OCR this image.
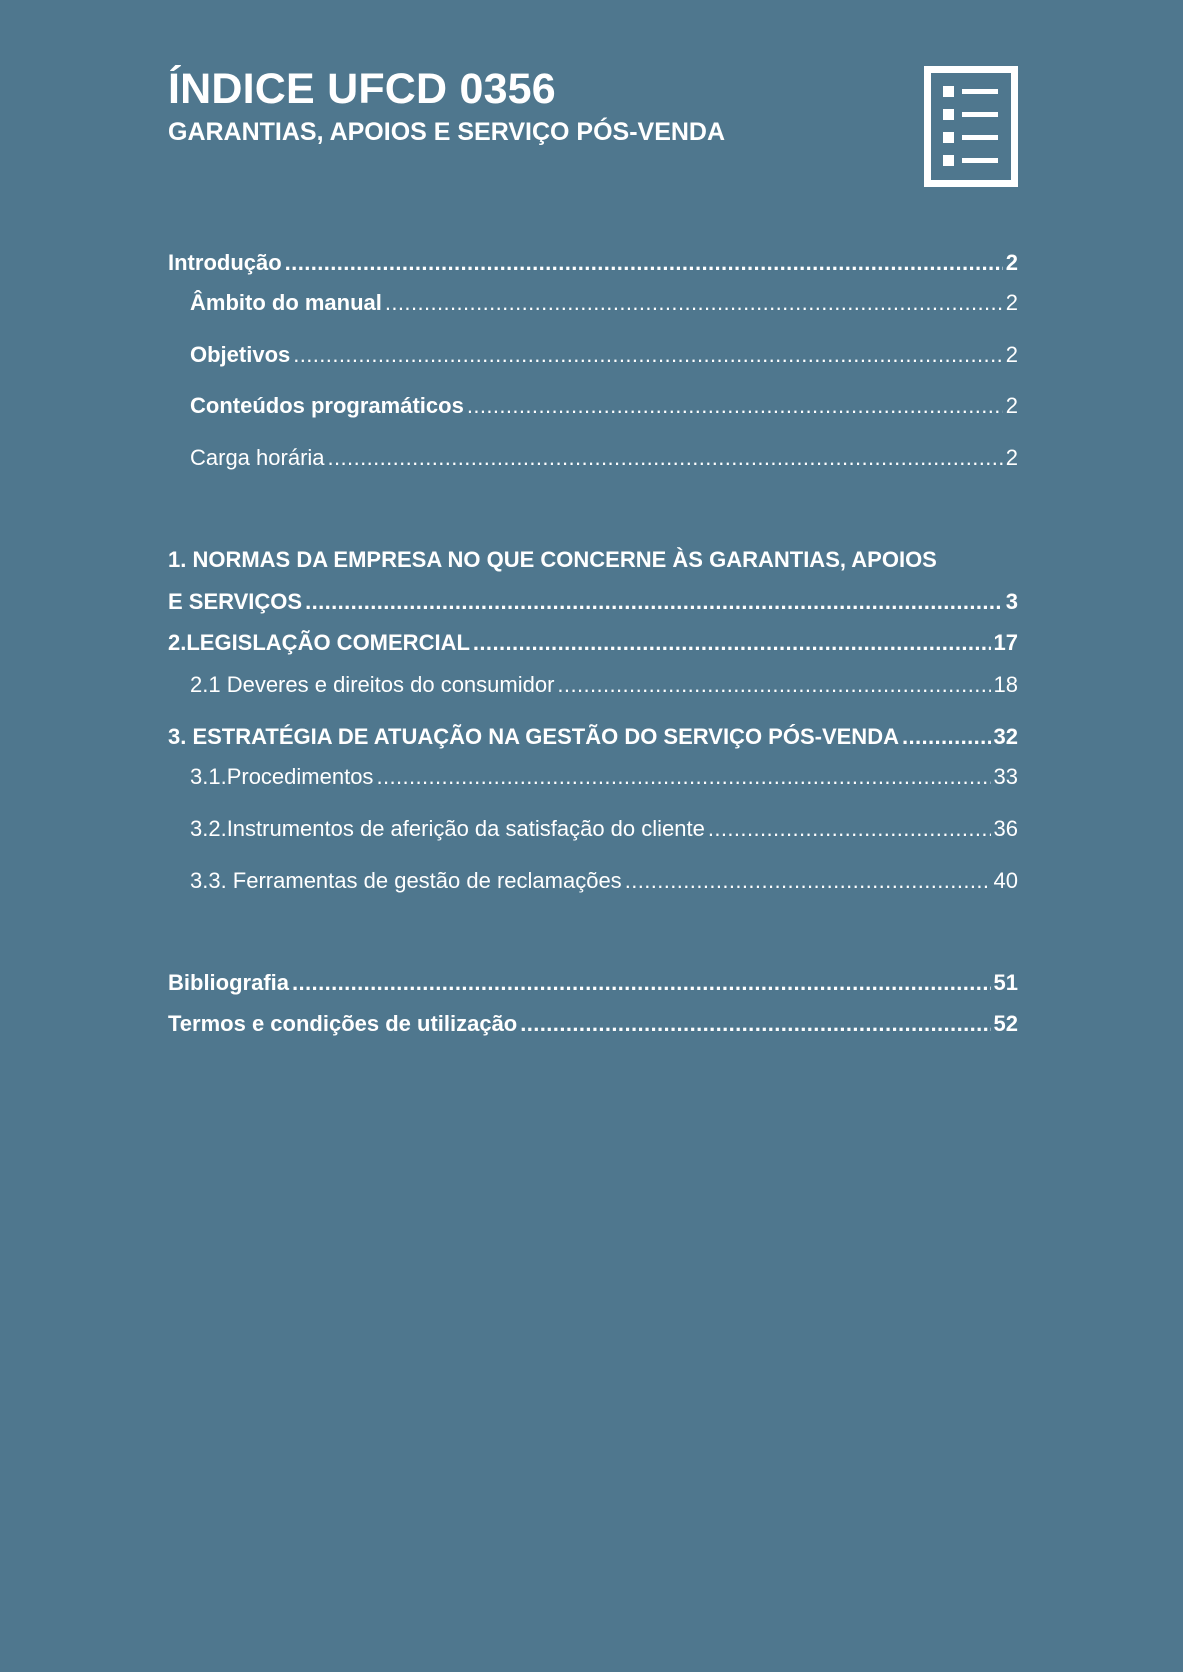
ÍNDICE UFCD 0356
GARANTIAS, APOIOS E SERVIÇO PÓS-VENDA
Introdução .....	2
Âmbito do manual .....	2
Objetivos .....	2
Conteúdos programáticos .....	2
Carga horária .....	2
1. NORMAS DA EMPRESA NO QUE CONCERNE ÀS GARANTIAS, APOIOS
E SERVIÇOS .....	3
2.LEGISLAÇÃO COMERCIAL .....	17
2.1 Deveres e direitos do consumidor .....	18
3. ESTRATÉGIA DE ATUAÇÃO NA GESTÃO DO SERVIÇO PÓS-VENDA .....	32
3.1.Procedimentos .....	33
3.2.Instrumentos de aferição da satisfação do cliente .....	36
3.3. Ferramentas de gestão de reclamações .....	40
Bibliografia .....	51
Termos e condições de utilização .....	52
